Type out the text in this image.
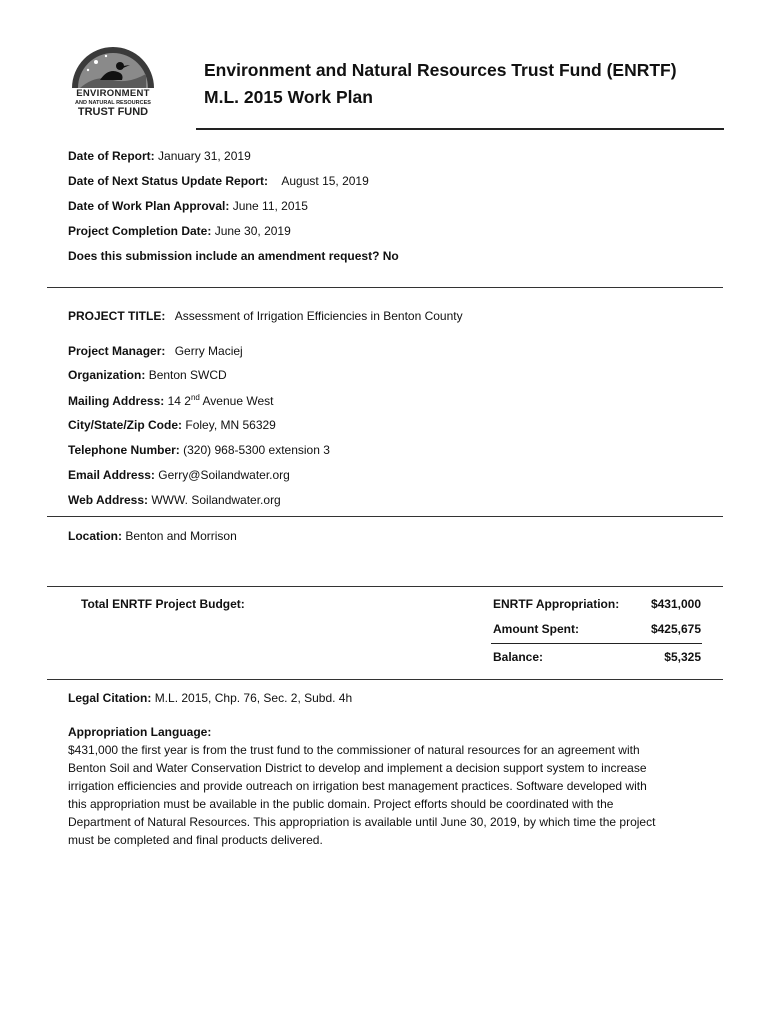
ENVIRONMENT
AND NATURAL RESOURCES
TRUST FUND
Environment and Natural Resources Trust Fund (ENRTF)
M.L. 2015 Work Plan
Date of Report: January 31, 2019
Date of Next Status Update Report: August 15, 2019
Date of Work Plan Approval: June 11, 2015
Project Completion Date: June 30, 2019
Does this submission include an amendment request? No
PROJECT TITLE: Assessment of Irrigation Efficiencies in Benton County
Project Manager: Gerry Maciej
Organization: Benton SWCD
Mailing Address: 14 2nd Avenue West
City/State/Zip Code: Foley, MN 56329
Telephone Number: (320) 968-5300 extension 3
Email Address: Gerry@Soilandwater.org
Web Address: WWW. Soilandwater.org
Location: Benton and Morrison
Total ENRTF Project Budget:	ENRTF Appropriation:	$431,000
Amount Spent:	$425,675
Balance:	$5,325
Legal Citation: M.L. 2015, Chp. 76, Sec. 2, Subd. 4h
Appropriation Language:
$431,000 the first year is from the trust fund to the commissioner of natural resources for an agreement with
Benton Soil and Water Conservation District to develop and implement a decision support system to increase
irrigation efficiencies and provide outreach on irrigation best management practices. Software developed with
this appropriation must be available in the public domain. Project efforts should be coordinated with the
Department of Natural Resources. This appropriation is available until June 30, 2019, by which time the project
must be completed and final products delivered.
